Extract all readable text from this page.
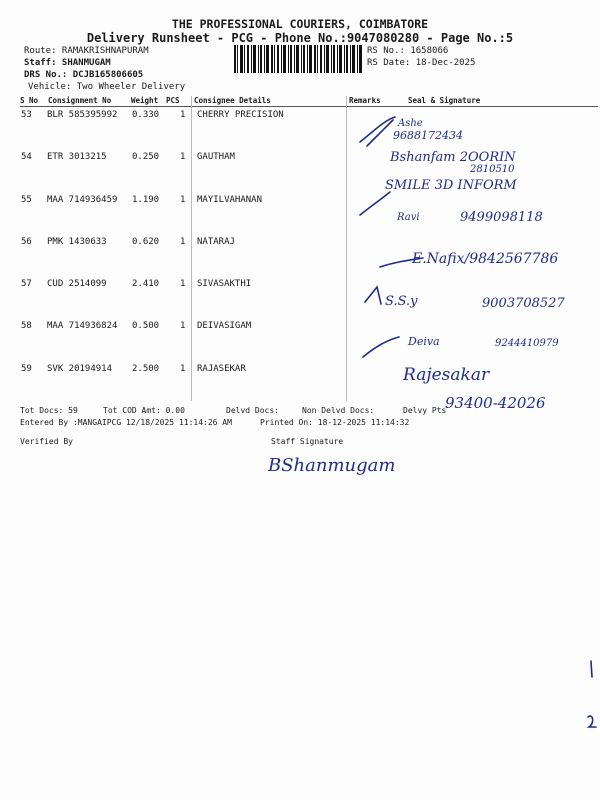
THE PROFESSIONAL COURIERS, COIMBATORE
Delivery Runsheet - PCG - Phone No.:9047080280 - Page No.:5
Route: RAMAKRISHNAPURAM
Staff: SHANMUGAM
DRS No.: DCJB165806605
Vehicle: Two Wheeler Delivery
RS No.: 1658066
RS Date: 18-Dec-2025
S No Consignment No	Weight PCS Consignee Details	Remarks	Seal & Signature
53 BLR 585395992 0.330 1 CHERRY PRECISION
54 ETR 3013215	0.250 1 GAUTHAM
55 MAA 714936459 1.190 1 MAYILVAHANAN
56 PMK 1430633	0.620 1 NATARAJ
57 CUD 2514099	2.410 1 SIVASAKTHI
58 MAA 714936824 0.500 1 DEIVASIGAM
59 SVK 20194914 2.500 1 RAJASEKAR
Ashe
9688172434
Bshanfam 2OORIN
2810510
SMILE 3D INFORM
Ravi	9499098118
E.Nafix/9842567786
S.S.y	9003708527
Deiva	9244410979
Rajesakar
93400-42026
Tot Docs: 59	Tot COD Amt: 0.00	Delvd Docs:	Non Delvd Docs:	Delvy Pts
Entered By :MANGAIPCG 12/18/2025 11:14:26 AM	Printed On: 18-12-2025 11:14:32
Verified By	Staff Signature
BShanmugam
